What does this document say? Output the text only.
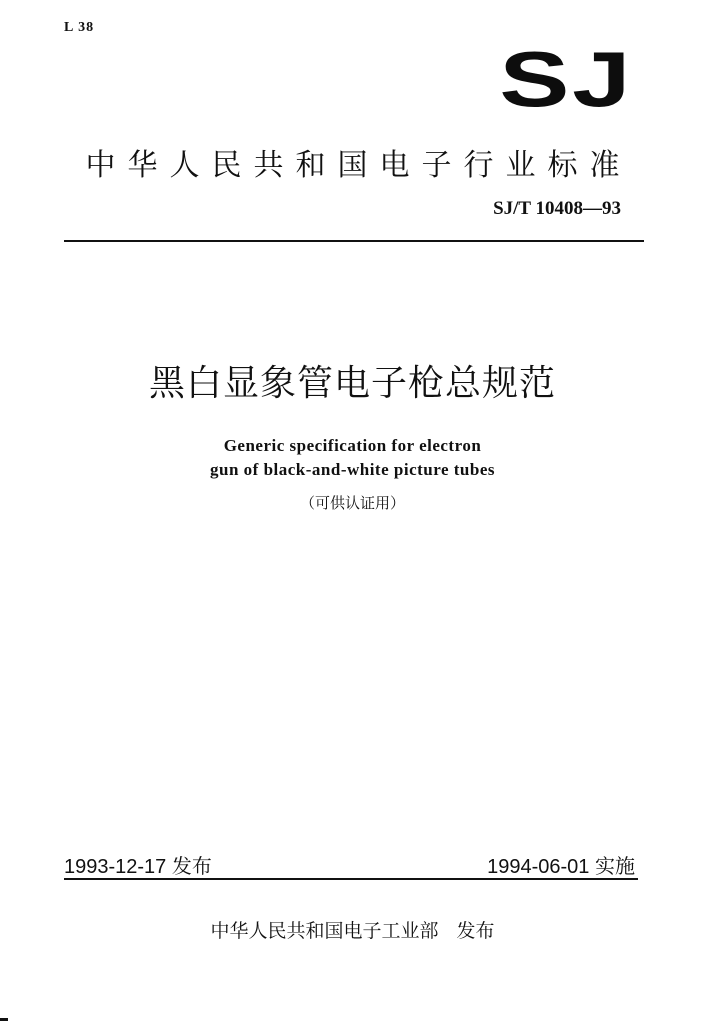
L 38
SJ
中华人民共和国电子行业标准
SJ/T 10408—93
黑白显象管电子枪总规范
Generic specification for electron
gun of black-and-white picture tubes
（可供认证用）
1993-12-17 发布	1994-06-01 实施
中华人民共和国电子工业部 发布
